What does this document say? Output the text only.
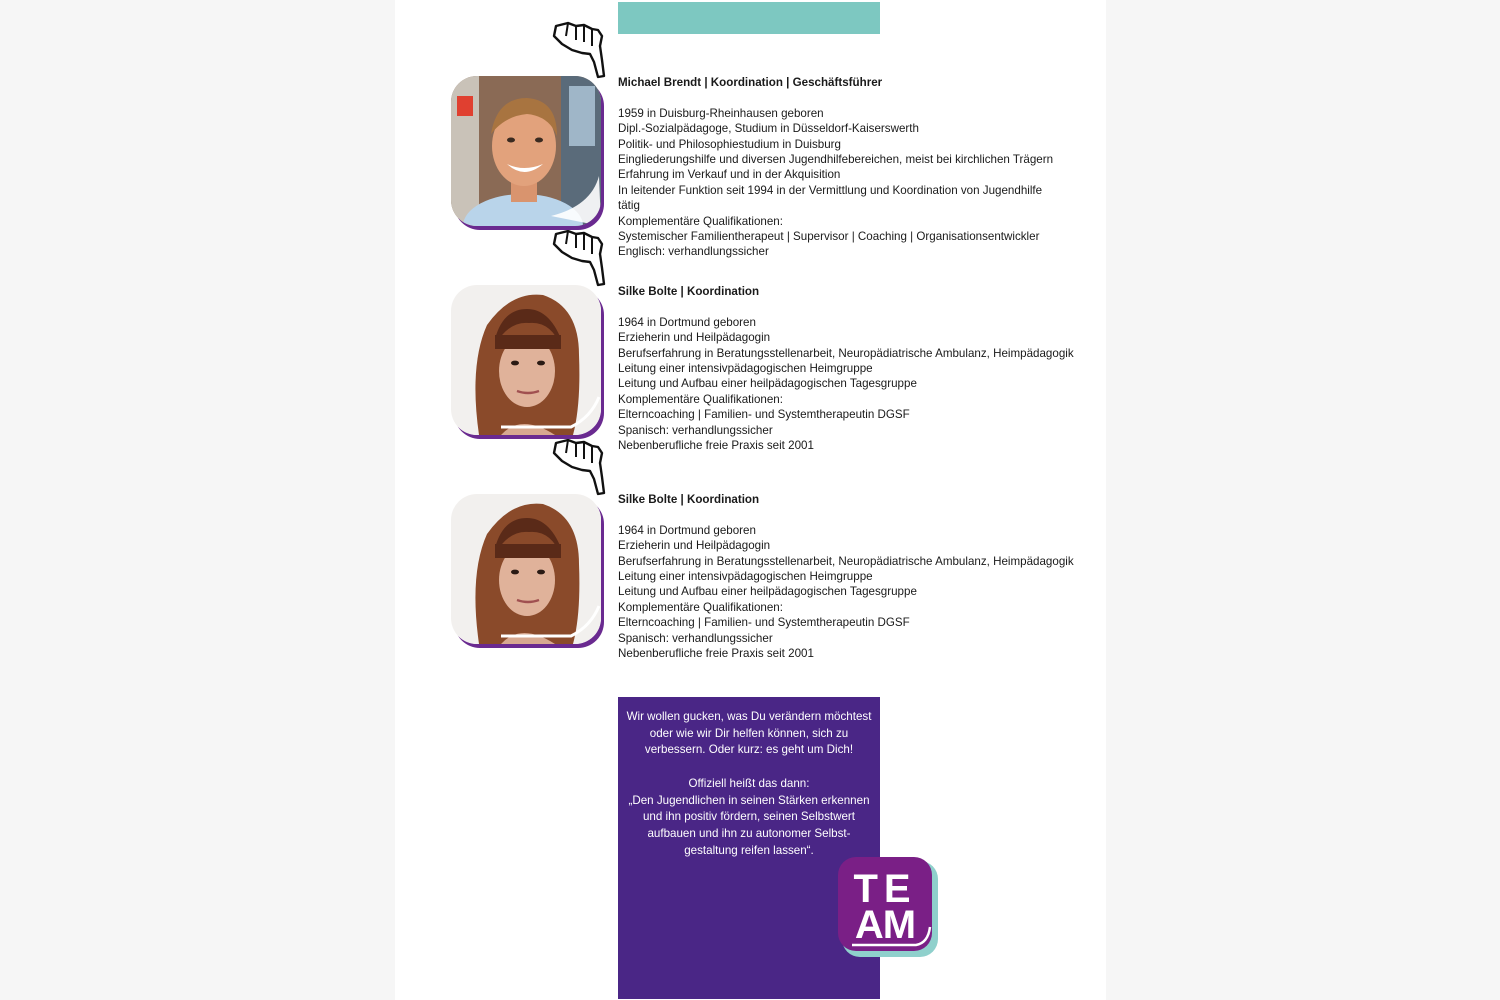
Michael Brendt | Koordination | Geschäftsführer
1959 in Duisburg-Rheinhausen geboren
Dipl.-Sozialpädagoge, Studium in Düsseldorf-Kaiserswerth
Politik- und Philosophiestudium in Duisburg
Eingliederungshilfe und diversen Jugendhilfebereichen, meist bei kirchlichen Trägern
Erfahrung im Verkauf und in der Akquisition
In leitender Funktion seit 1994 in der Vermittlung und Koordination von Jugendhilfe tätig
Komplementäre Qualifikationen:
Systemischer Familientherapeut | Supervisor | Coaching | Organisationsentwickler
Englisch: verhandlungssicher
Silke Bolte | Koordination
1964 in Dortmund geboren
Erzieherin und Heilpädagogin
Berufserfahrung in Beratungsstellenarbeit, Neuropädiatrische Ambulanz, Heimpädagogik
Leitung einer intensivpädagogischen Heimgruppe
Leitung und Aufbau einer heilpädagogischen Tagesgruppe
Komplementäre Qualifikationen:
Elterncoaching | Familien- und Systemtherapeutin DGSF
Spanisch: verhandlungssicher
Nebenberufliche freie Praxis seit 2001
Silke Bolte | Koordination
1964 in Dortmund geboren
Erzieherin und Heilpädagogin
Berufserfahrung in Beratungsstellenarbeit, Neuropädiatrische Ambulanz, Heimpädagogik
Leitung einer intensivpädagogischen Heimgruppe
Leitung und Aufbau einer heilpädagogischen Tagesgruppe
Komplementäre Qualifikationen:
Elterncoaching | Familien- und Systemtherapeutin DGSF
Spanisch: verhandlungssicher
Nebenberufliche freie Praxis seit 2001
Wir wollen gucken, was Du verändern möchtest
oder wie wir Dir helfen können, sich zu
verbessern. Oder kurz: es geht um Dich!
Offiziell heißt das dann:
„Den Jugendlichen in seinen Stärken erkennen
und ihn positiv fördern, seinen Selbstwert
aufbauen und ihn zu autonomer Selbst-
gestaltung reifen lassen“.
TE
AM
